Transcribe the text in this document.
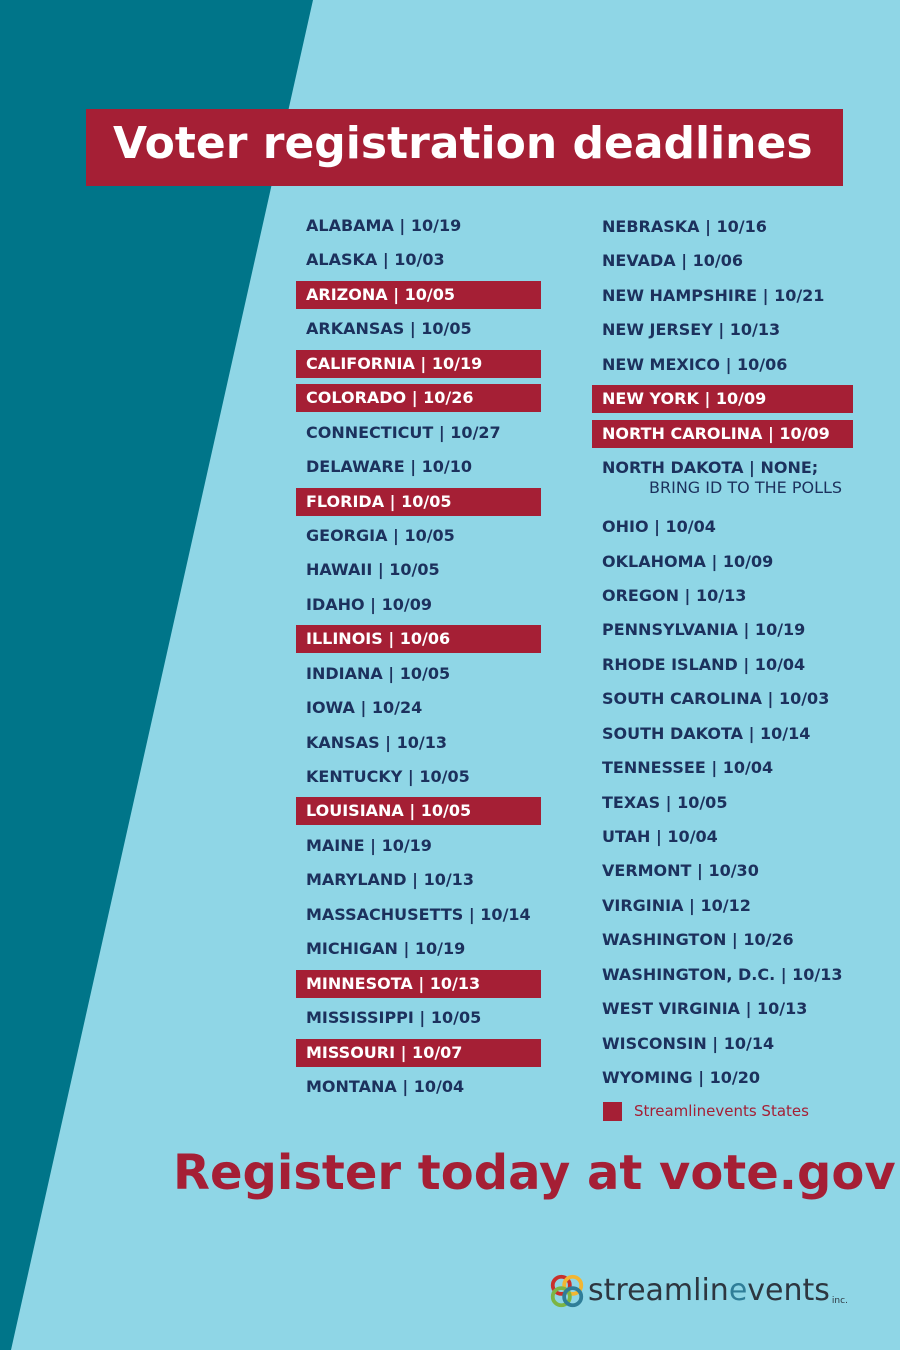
Voter registration deadlines
ALABAMA | 10/19
ALASKA | 10/03
ARIZONA | 10/05
ARKANSAS | 10/05
CALIFORNIA | 10/19
COLORADO | 10/26
CONNECTICUT | 10/27
DELAWARE | 10/10
FLORIDA | 10/05
GEORGIA | 10/05
HAWAII | 10/05
IDAHO | 10/09
ILLINOIS | 10/06
INDIANA | 10/05
IOWA | 10/24
KANSAS | 10/13
KENTUCKY | 10/05
LOUISIANA | 10/05
MAINE | 10/19
MARYLAND | 10/13
MASSACHUSETTS | 10/14
MICHIGAN | 10/19
MINNESOTA | 10/13
MISSISSIPPI | 10/05
MISSOURI | 10/07
MONTANA | 10/04
NEBRASKA | 10/16
NEVADA | 10/06
NEW HAMPSHIRE | 10/21
NEW JERSEY | 10/13
NEW MEXICO | 10/06
NEW YORK | 10/09
NORTH CAROLINA | 10/09
NORTH DAKOTA | NONE;
BRING ID TO THE POLLS
OHIO | 10/04
OKLAHOMA | 10/09
OREGON | 10/13
PENNSYLVANIA | 10/19
RHODE ISLAND | 10/04
SOUTH CAROLINA | 10/03
SOUTH DAKOTA | 10/14
TENNESSEE | 10/04
TEXAS | 10/05
UTAH | 10/04
VERMONT | 10/30
VIRGINIA | 10/12
WASHINGTON | 10/26
WASHINGTON, D.C. | 10/13
WEST VIRGINIA | 10/13
WISCONSIN | 10/14
WYOMING | 10/20
Streamlinevents States
Register today at vote.gov
streamlinevents inc.
